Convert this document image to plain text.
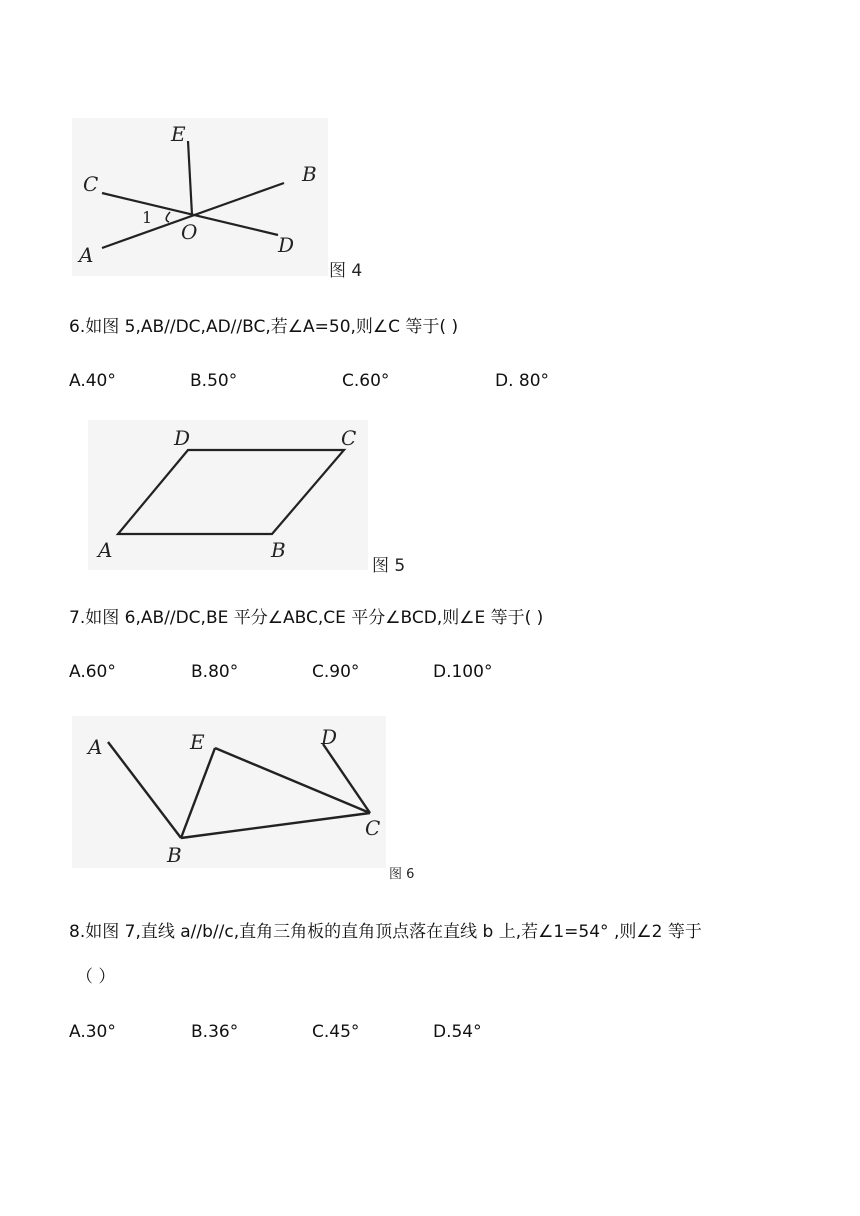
E
C	B
A
O
D
1
图 4
6.如图 5,AB//DC,AD//BC,若∠A=50,则∠C 等于( )
A.40°	B.50°	C.60°	D. 80°
D	C
A	B
图 5
7.如图 6,AB//DC,BE 平分∠ABC,CE 平分∠BCD,则∠E 等于( )
A.60°	B.80°	C.90°	D.100°
A	E	D
B
C
图 6
8.如图 7,直线 a//b//c,直角三角板的直角顶点落在直线 b 上,若∠1=54° ,则∠2 等于
（ ）
A.30°	B.36°	C.45°	D.54°
